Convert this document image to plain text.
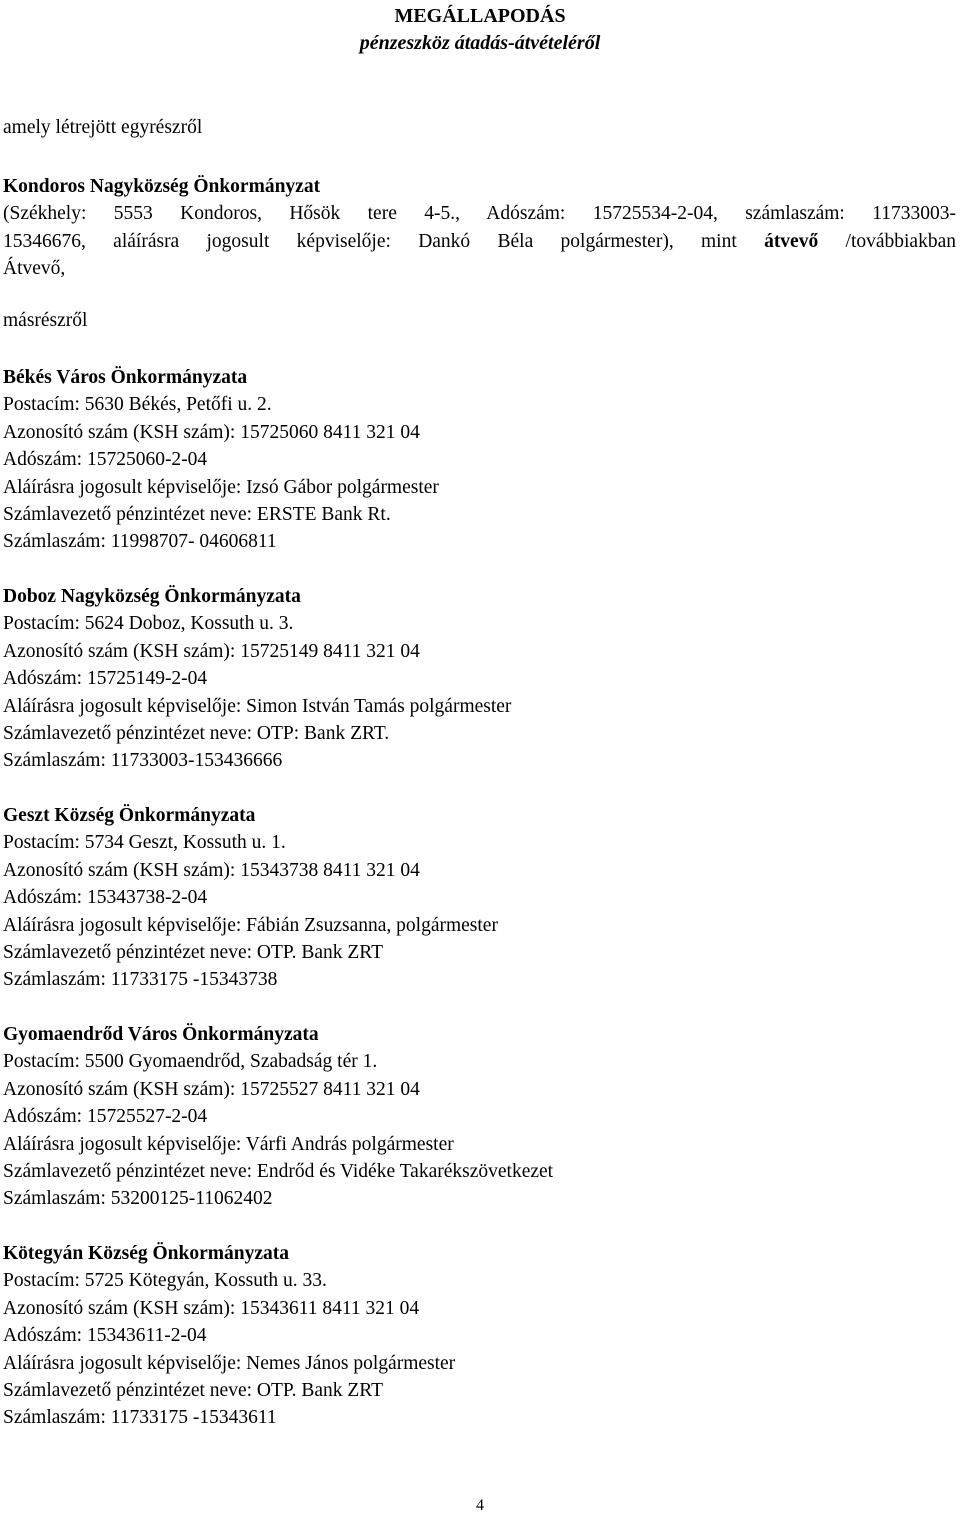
MEGÁLLAPODÁS
pénzeszköz átadás-átvételéről
amely létrejött egyrészről
Kondoros Nagyközség Önkormányzat
(Székhely: 5553 Kondoros, Hősök tere 4-5., Adószám: 15725534-2-04, számlaszám: 11733003-
15346676, aláírásra jogosult képviselője: Dankó Béla polgármester), mint átvevő /továbbiakban
Átvevő,
másrészről
Békés Város Önkormányzata
Postacím: 5630 Békés, Petőfi u. 2.
Azonosító szám (KSH szám): 15725060 8411 321 04
Adószám: 15725060-2-04
Aláírásra jogosult képviselője: Izsó Gábor polgármester
Számlavezető pénzintézet neve: ERSTE Bank Rt.
Számlaszám: 11998707- 04606811
Doboz Nagyközség Önkormányzata
Postacím: 5624 Doboz, Kossuth u. 3.
Azonosító szám (KSH szám): 15725149 8411 321 04
Adószám: 15725149-2-04
Aláírásra jogosult képviselője: Simon István Tamás polgármester
Számlavezető pénzintézet neve: OTP: Bank ZRT.
Számlaszám: 11733003-153436666
Geszt Község Önkormányzata
Postacím: 5734 Geszt, Kossuth u. 1.
Azonosító szám (KSH szám): 15343738 8411 321 04
Adószám: 15343738-2-04
Aláírásra jogosult képviselője: Fábián Zsuzsanna, polgármester
Számlavezető pénzintézet neve: OTP. Bank ZRT
Számlaszám: 11733175 -15343738
Gyomaendrőd Város Önkormányzata
Postacím: 5500 Gyomaendrőd, Szabadság tér 1.
Azonosító szám (KSH szám): 15725527 8411 321 04
Adószám: 15725527-2-04
Aláírásra jogosult képviselője: Várfi András polgármester
Számlavezető pénzintézet neve: Endrőd és Vidéke Takarékszövetkezet
Számlaszám: 53200125-11062402
Kötegyán Község Önkormányzata
Postacím: 5725 Kötegyán, Kossuth u. 33.
Azonosító szám (KSH szám): 15343611 8411 321 04
Adószám: 15343611-2-04
Aláírásra jogosult képviselője: Nemes János polgármester
Számlavezető pénzintézet neve: OTP. Bank ZRT
Számlaszám: 11733175 -15343611
4
